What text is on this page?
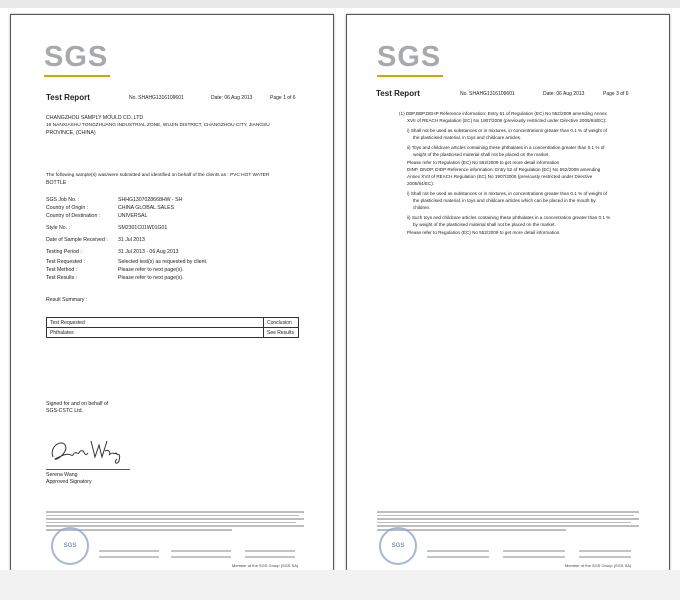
SGS
Test Report	No. SHAHG1316109601	Date: 06 Aug 2013	Page 1 of 6
CHANGZHOU SAMPLY MOULD CO.,LTD
16 NANXIASHU TONGZHUANG INDUSTRIAL ZONE, WUJIN DISTRICT, CHANGZHOU CITY, JIANGSU
PROVINCE, (CHINA)
The following sample(s) was/were submitted and identified on behalf of the clients as : PVC HOT WATER
BOTTLE
SGS Job No. :	SHHG1307028668HW - SH
Country of Origin :	CHINA GLOBAL SALES
Country of Destination :	UNIVERSAL
Style No. :	SM2301C01W01G01
Date of Sample Received : 31 Jul 2013
Testing Period :	31 Jul 2013 - 06 Aug 2013
Test Requested :	Selected test(s) as requested by client.
Test Method :	Please refer to next page(s).
Test Results :	Please refer to next page(s).
Result Summary :
Test Requested	Conclusion
Phthalates	See Results
Signed for and on behalf of
SGS-CSTC Ltd.
Serena Wang
Approved Signatory
SGS
Member of the SGS Group (SGS SA)
SGS
Test Report	No. SHAHG1316109601	Date: 06 Aug 2013	Page 3 of 6
(1) DBP,BBP,DEHP Reference information: Entry 51 of Regulation (EC) No 552/2009 amending Annex
XVII of REACH Regulation (EC) No 1907/2006 (previously restricted under Directive 2005/84/EC):
i) Shall not be used as substances or in mixtures, in concentrations greater than 0.1 % of weight of
the plasticised material, in toys and childcare articles.
ii) Toys and childcare articles containing these phthalates in a concentration greater than 0.1 % of
weight of the plasticised material shall not be placed on the market.
Please refer to Regulation (EC) No 552/2009 to get more detail information
DINP, DNOP, DIDP Reference information: Entry 52 of Regulation (EC) No 552/2009 amending
Annex XVII of REACH Regulation (EC) No 1907/2006 (previously restricted under Directive
2005/84/EC):
i) Shall not be used as substances or in mixtures, in concentrations greater than 0.1 % of weight of
the plasticised material, in toys and childcare articles which can be placed in the mouth by
children.
ii) Such toys and childcare articles containing these phthalates in a concentration greater than 0.1 %
by weight of the plasticised material shall not be placed on the market.
Please refer to Regulation (EC) No 552/2009 to get more detail information.
SGS
Member of the SGS Group (SGS SA)
